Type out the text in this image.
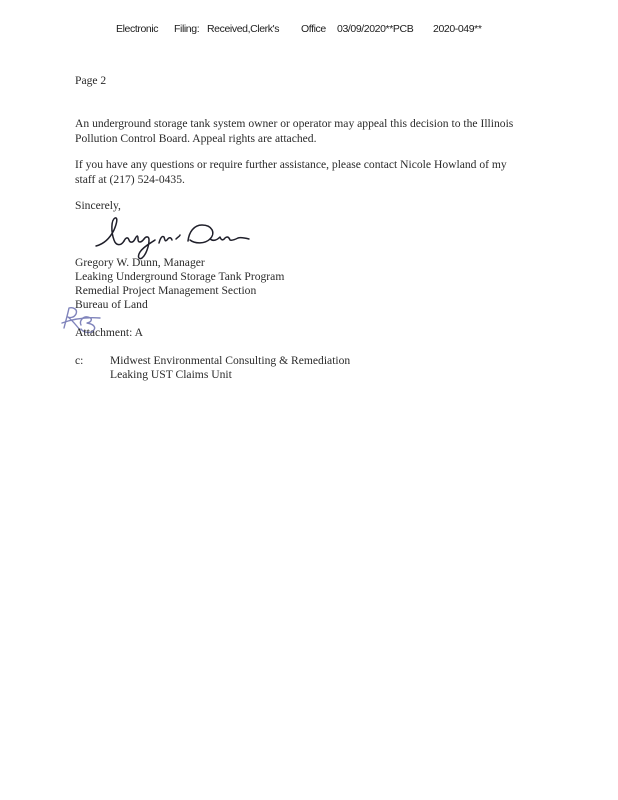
Electronic Filing: Received,Clerk's Office 03/09/2020**PCB 2020-049**
Page 2
An underground storage tank system owner or operator may appeal this decision to the Illinois
Pollution Control Board. Appeal rights are attached.
If you have any questions or require further assistance, please contact Nicole Howland of my
staff at (217) 524-0435.
Sincerely,
Gregory W. Dunn, Manager
Leaking Underground Storage Tank Program
Remedial Project Management Section
Bureau of Land
Attachment: A
c: Midwest Environmental Consulting & Remediation
Leaking UST Claims Unit
